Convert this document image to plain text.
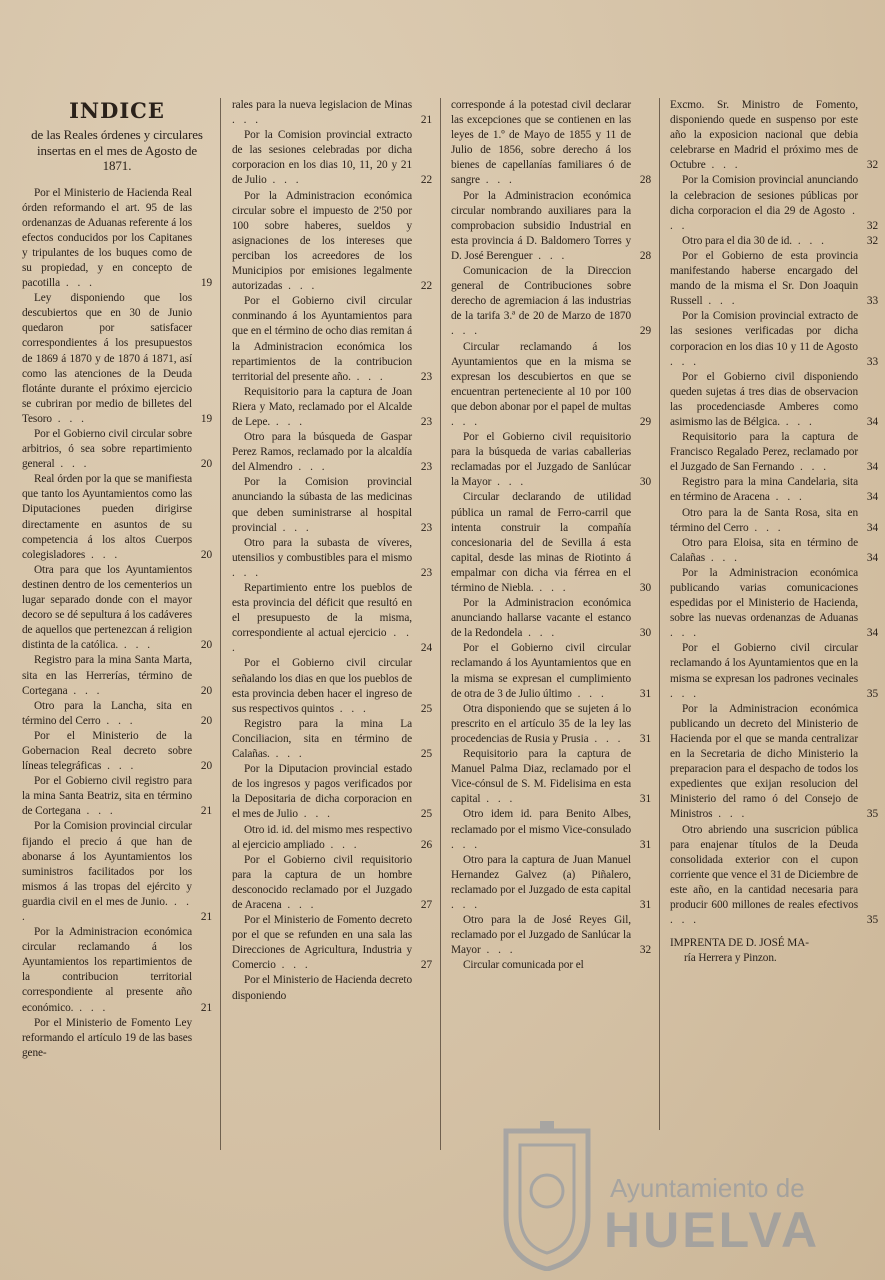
INDICE
de las Reales órdenes y circulares insertas en el mes de Agosto de 1871.
Por el Ministerio de Hacienda Real órden reformando el art. 95 de las ordenanzas de Aduanas referente á los efectos conducidos por los Capitanes y tripulantes de los buques como de su propiedad, y en concepto de pacotilla . . .	19
Ley disponiendo que los descubiertos que en 30 de Junio quedaron por satisfacer correspondientes á los presupuestos de 1869 á 1870 y de 1870 á 1871, así como las atenciones de la Deuda flotánte durante el próximo ejercicio se cubriran por medio de billetes del Tesoro . . .	19
Por el Gobierno civil circular sobre arbitrios, ó sea sobre repartimiento general . . .	20
Real órden por la que se manifiesta que tanto los Ayuntamientos como las Diputaciones pueden dirigirse directamente en asuntos de su competencia á los altos Cuerpos colegisladores . . .	20
Otra para que los Ayuntamientos destinen dentro de los cementerios un lugar separado donde con el mayor decoro se dé sepultura á los cadáveres de aquellos que pertenezcan á religion distinta de la católica. . . .	20
Registro para la mina Santa Marta, sita en las Herrerías, término de Cortegana . . .	20
Otro para la Lancha, sita en término del Cerro . . .	20
Por el Ministerio de la Gobernacion Real decreto sobre líneas telegráficas . . .	20
Por el Gobierno civil registro para la mina Santa Beatriz, sita en término de Cortegana . . .	21
Por la Comision provincial circular fijando el precio á que han de abonarse á los Ayuntamientos los suministros facilitados por los mismos á las tropas del ejército y guardia civil en el mes de Junio. . . .	21
Por la Administracion económica circular reclamando á los Ayuntamientos los repartimientos de la contribucion territorial correspondiente al presente año económico. . . .	21
Por el Ministerio de Fomento Ley reformando el artículo 19 de las bases gene-
rales para la nueva legislacion de Minas . . .	21
Por la Comision provincial extracto de las sesiones celebradas por dicha corporacion en los dias 10, 11, 20 y 21 de Julio . . .	22
Por la Administracion económica circular sobre el impuesto de 2'50 por 100 sobre haberes, sueldos y asignaciones de los intereses que perciban los acreedores de los Municipios por emisiones legalmente autorizadas . . .	22
Por el Gobierno civil circular conminando á los Ayuntamientos para que en el término de ocho dias remitan á la Administracion económica los repartimientos de la contribucion territorial del presente año. . . .	23
Requisitorio para la captura de Joan Riera y Mato, reclamado por el Alcalde de Lepe. . . .	23
Otro para la búsqueda de Gaspar Perez Ramos, reclamado por la alcaldía del Almendro . . .	23
Por la Comision provincial anunciando la súbasta de las medicinas que deben suministrarse al hospital provincial . . .	23
Otro para la subasta de víveres, utensilios y combustibles para el mismo . . .	23
Repartimiento entre los pueblos de esta provincia del déficit que resultó en el presupuesto de la misma, correspondiente al actual ejercicio . . .	24
Por el Gobierno civil circular señalando los dias en que los pueblos de esta provincia deben hacer el ingreso de sus respectivos quintos . . .	25
Registro para la mina La Conciliacion, sita en término de Calañas. . . .	25
Por la Diputacion provincial estado de los ingresos y pagos verificados por la Depositaria de dicha corporacion en el mes de Julio . . .	25
Otro id. id. del mismo mes respectivo al ejercicio ampliado . . .	26
Por el Gobierno civil requisitorio para la captura de un hombre desconocido reclamado por el Juzgado de Aracena . . .	27
Por el Ministerio de Fomento decreto por el que se refunden en una sala las Direcciones de Agricultura, Industria y Comercio . . .	27
Por el Ministerio de Hacienda decreto disponiendo
corresponde á la potestad civil declarar las excepciones que se contienen en las leyes de 1.º de Mayo de 1855 y 11 de Julio de 1856, sobre derecho á los bienes de capellanías familiares ó de sangre . . .	28
Por la Administracion económica circular nombrando auxiliares para la comprobacion subsidio Industrial en esta provincia á D. Baldomero Torres y D. José Berenguer . . .	28
Comunicacion de la Direccion general de Contribuciones sobre derecho de agremiacion á las industrias de la tarifa 3.ª de 20 de Marzo de 1870 . . .	29
Circular reclamando á los Ayuntamientos que en la misma se expresan los descubiertos en que se encuentran perteneciente al 10 por 100 que debon abonar por el papel de multas . . .	29
Por el Gobierno civil requisitorio para la búsqueda de varias caballerias reclamadas por el Juzgado de Sanlúcar la Mayor . . .	30
Circular declarando de utilidad pública un ramal de Ferro-carril que intenta construir la compañía concesionaria del de Sevilla á esta capital, desde las minas de Riotinto á empalmar con dicha via férrea en el término de Niebla. . . .	30
Por la Administracion económica anunciando hallarse vacante el estanco de la Redondela . . .	30
Por el Gobierno civil circular reclamando á los Ayuntamientos que en la misma se expresan el cumplimiento de otra de 3 de Julio último . . .	31
Otra disponiendo que se sujeten á lo prescrito en el artículo 35 de la ley las procedencias de Rusia y Prusia . . . 31
Requisitorio para la captura de Manuel Palma Diaz, reclamado por el Vice-cónsul de S. M. Fidelisima en esta capital . . .	31
Otro idem id. para Benito Albes, reclamado por el mismo Vice-consulado . . .	31
Otro para la captura de Juan Manuel Hernandez Galvez (a) Piñalero, reclamado por el Juzgado de esta capital . . .	31
Otro para la de José Reyes Gil, reclamado por el Juzgado de Sanlúcar la Mayor . . .	32
Circular comunicada por el
Excmo. Sr. Ministro de Fomento, disponiendo quede en suspenso por este año la exposicion nacional que debia celebrarse en Madrid el próximo mes de Octubre . . .	32
Por la Comision provincial anunciando la celebracion de sesiones públicas por dicha corporacion el dia 29 de Agosto . . .	32
Otro para el dia 30 de id. . . .	32
Por el Gobierno de esta provincia manifestando haberse encargado del mando de la misma el Sr. Don Joaquin Russell . . .	33
Por la Comision provincial extracto de las sesiones verificadas por dicha corporacion en los dias 10 y 11 de Agosto . . .	33
Por el Gobierno civil disponiendo queden sujetas á tres dias de observacion las procedenciasde Amberes como asimismo las de Bélgica. . . .	34
Requisitorio para la captura de Francisco Regalado Perez, reclamado por el Juzgado de San Fernando . . .	34
Registro para la mina Candelaria, sita en término de Aracena . . .	34
Otro para la de Santa Rosa, sita en término del Cerro . . .	34
Otro para Eloisa, sita en término de Calañas . . .	34
Por la Administracion económica publicando varias comunicaciones espedidas por el Ministerio de Hacienda, sobre las nuevas ordenanzas de Aduanas . . .	34
Por el Gobierno civil circular reclamando á los Ayuntamientos que en la misma se expresan los padrones vecinales . . .	35
Por la Administracion económica publicando un decreto del Ministerio de Hacienda por el que se manda centralizar en la Secretaria de dicho Ministerio la preparacion para el despacho de todos los expedientes que exijan resolucion del Ministerio del ramo ó del Consejo de Ministros . . .	35
Otro abriendo una suscricion pública para enajenar títulos de la Deuda consolidada exterior con el cupon corriente que vence el 31 de Diciembre de este año, en la cantidad necesaria para producir 600 millones de reales efectivos . . .	35
IMPRENTA DE D. JOSÉ MA-
ría Herrera y Pinzon.
Ayuntamiento de
HUELVA
